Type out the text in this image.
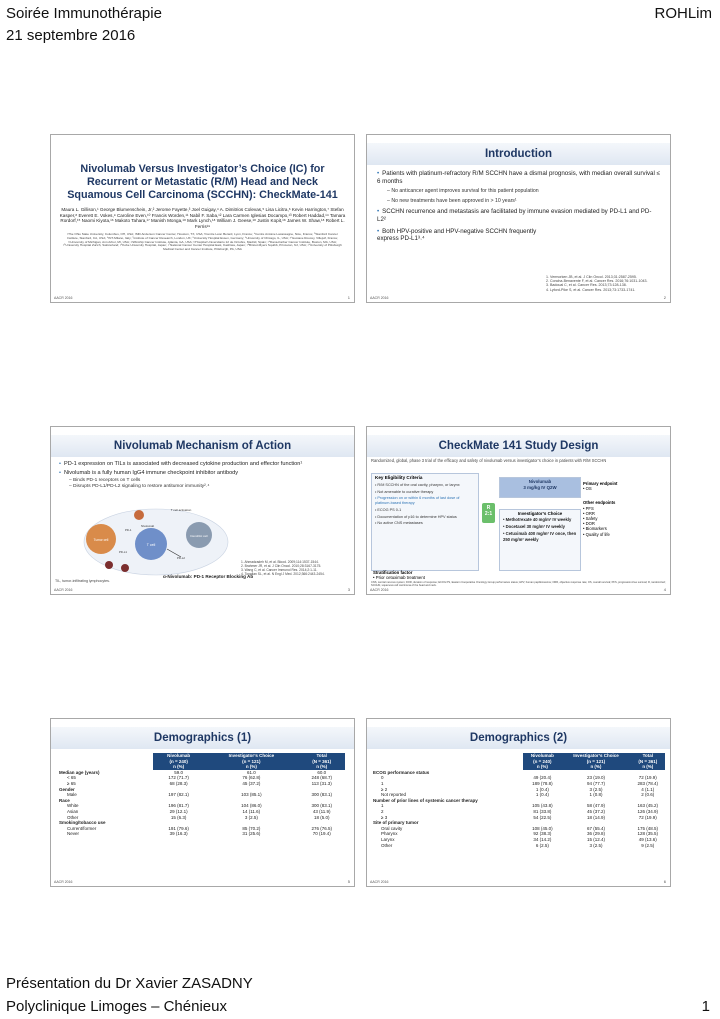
Soirée Immunothérapie	ROHLim
21 septembre 2016
Nivolumab Versus Investigator’s Choice (IC) for Recurrent or Metastatic (R/M) Head and Neck Squamous Cell Carcinoma (SCCHN): CheckMate-141
Maura L. Gillison,¹ George Blumenschein, Jr,² Jerome Fayette,³ Joel Guigay,⁴ A. Dimitrios Colevas,⁵ Lisa Licitra,⁶ Kevin Harrington,⁷ Stefan Kasper,⁸ Everett E. Vokes,⁹ Caroline Even,¹⁰ Francis Worden,¹¹ Nabil F. Saba,¹² Lara Carmen Iglesias Docampo,¹³ Robert Haddad,¹⁴ Tamara Rordorf,¹⁵ Naomi Kiyota,¹⁶ Makoto Tahara,¹⁷ Manish Monga,¹⁸ Mark Lynch,¹⁸ William J. Geese,¹⁸ Justin Kopit,¹⁸ James W. Shaw,¹⁸ Robert L. Ferris¹⁹
¹The Ohio State University, Columbus, OH, USA; ²MD Anderson Cancer Center, Houston, TX, USA; ³Centre Léon Berard, Lyon, France; ⁴Centre Antoine Lacassagne, Nice, France; ⁵Stanford Cancer Institute, Stanford, CA, USA; ⁶INT-Milano, Italy; ⁷Institute of Cancer Research, London, UK; ⁸University Hospital Essen, Germany; ⁹University of Chicago, IL, USA; ¹⁰Gustave Roussy, Villejuif, France; ¹¹University of Michigan, Ann Arbor, MI, USA; ¹²Winship Cancer Institute, Atlanta, GA, USA; ¹³Hospital Universitario 12 de Octubre, Madrid, Spain; ¹⁴Dana-Farber Cancer Institute, Boston, MA, USA; ¹⁵University Hospital Zurich, Switzerland; ¹⁶Kobe University Hospital, Japan; ¹⁷National Cancer Center Hospital East, Kashiwa, Japan; ¹⁸Bristol-Myers Squibb, Princeton, NJ, USA; ¹⁹University of Pittsburgh Medical Center and Cancer Institute, Pittsburgh, PA, USA
AACR 2016	1
Introduction
• Patients with platinum-refractory R/M SCCHN have a dismal prognosis, with median overall survival ≤ 6 months
– No anticancer agent improves survival for this patient population
– No new treatments have been approved in > 10 years¹
• SCCHN recurrence and metastasis are facilitated by immune evasion mediated by PD-L1 and PD-L2²
• Both HPV-positive and HPV-negative SCCHN frequently express PD-L1³˒⁴
1. Vermorken JB, et al. J Clin Oncol. 2013;31:2587-2595.
2. Concha-Benavente F, et al. Cancer Res. 2016;76:1031-1043.
3. Badoual C, et al. Cancer Res. 2013;73:128-138.
4. Lyford-Pike S, et al. Cancer Res. 2013;73:1733-1741.
AACR 2016	2
Nivolumab Mechanism of Action
• PD-1 expression on TILs is associated with decreased cytokine production and effector function¹
• Nivolumab is a fully human IgG4 immune checkpoint inhibitor antibody
– Binds PD-1 receptors on T cells
– Disrupts PD-L1/PD-L2 signaling to restore antitumor immunity²˒⁴
Tumor cell
T cell
Dendritic cell
T cell activation
PD-1
PD-L1
PD-L2
Nivolumab
ɑ-Nivolumab: PD-1 Receptor Blocking Ab
1. Ahmadzadeh M, et al. Blood. 2009;114:1537-1544.
2. Brahmer JR, et al. J Clin Oncol. 2010;28:3167-3175.
3. Wang C, et al. Cancer Immunol Res. 2014;2:1-11.
4. Topalian SL, et al. N Engl J Med. 2012;366:2443-2454.
TIL, tumor-infiltrating lymphocytes.
AACR 2016	3
CheckMate 141 Study Design
Randomized, global, phase 3 trial of the efficacy and safety of nivolumab versus investigator’s choice in patients with R/M SCCHN
Key Eligibility Criteria
• R/M SCCHN of the oral cavity, pharynx, or larynx
• Not amenable to curative therapy
• Progression on or within 6 months of last dose of platinum-based therapy
• ECOG PS 0-1
• Documentation of p16 to determine HPV status
• No active CNS metastases
R
2:1
Nivolumab
3 mg/kg IV Q2W
Investigator’s Choice
• Methotrexate 40 mg/m² IV weekly
• Docetaxel 30 mg/m² IV weekly
• Cetuximab 400 mg/m² IV once, then 250 mg/m² weekly
Primary endpoint
• OS
Other endpoints
• PFS
• ORR
• Safety
• DOR
• Biomarkers
• Quality of life
Stratification factor
• Prior cetuximab treatment
CNS, central nervous system; DOR, duration of response; ECOG PS, Eastern Cooperative Oncology Group performance status; HPV, human papillomavirus; ORR, objective response rate; OS, overall survival; PFS, progression-free survival; R, randomized; SCCHN, squamous cell carcinoma of the head and neck.
AACR 2016	4
Demographics (1)
	Nivolumab	Investigator’s Choice	Total
	(n = 240)	(n = 121)	(N = 361)
	n (%)	n (%)	n (%)
Median age (years)	59.0	61.0	60.0
< 65	172 (71.7)	76 (62.8)	248 (68.7)
≥ 65	68 (28.3)	45 (37.2)	113 (31.3)
Gender			
Male	197 (82.1)	103 (85.1)	300 (83.1)
Race			
White	196 (81.7)	104 (86.0)	300 (83.1)
Asian	29 (12.1)	14 (11.6)	43 (11.9)
Other	15 (6.3)	3 (2.5)	18 (5.0)
Smoking/tobacco use			
Current/former	191 (79.6)	85 (70.2)	276 (76.5)
Never	39 (16.3)	31 (25.6)	70 (19.4)
AACR 2016	5
Demographics (2)
	Nivolumab	Investigator’s Choice	Total
	(n = 240)	(n = 121)	(N = 361)
	n (%)	n (%)	n (%)
ECOG performance status			
0	49 (20.4)	23 (19.0)	72 (19.9)
1	189 (78.8)	94 (77.7)	283 (78.4)
≥ 2	1 (0.4)	3 (2.5)	4 (1.1)
Not reported	1 (0.4)	1 (0.8)	2 (0.6)
Number of prior lines of systemic cancer therapy			
1	105 (43.8)	58 (47.9)	163 (45.2)
2	81 (33.8)	45 (37.2)	126 (34.9)
≥ 3	54 (22.5)	18 (14.9)	72 (19.9)
Site of primary tumor			
Oral cavity	108 (45.0)	67 (55.4)	175 (48.5)
Pharynx	92 (38.3)	36 (29.8)	128 (35.5)
Larynx	34 (14.2)	15 (12.4)	49 (13.6)
Other	6 (2.5)	3 (2.5)	9 (2.5)
AACR 2016	6
Présentation du Dr Xavier ZASADNY
Polyclinique Limoges – Chénieux	1
